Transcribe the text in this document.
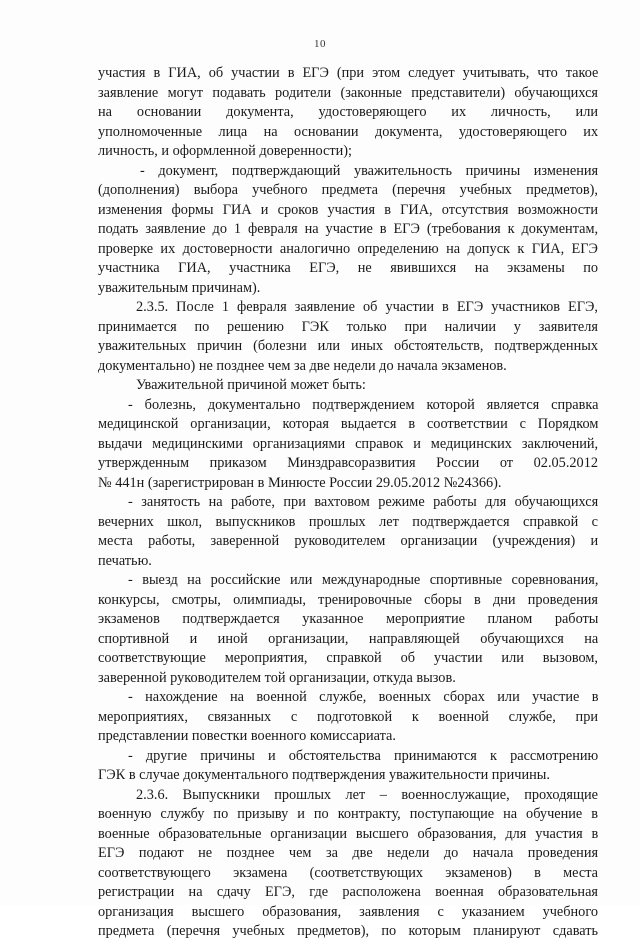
10
участия в ГИА, об участии в ЕГЭ (при этом следует учитывать, что такое
заявление могут подавать родители (законные представители) обучающихся
на основании документа, удостоверяющего их личность, или
уполномоченные лица на основании документа, удостоверяющего их
личность, и оформленной доверенности);
- документ, подтверждающий уважительность причины изменения
(дополнения) выбора учебного предмета (перечня учебных предметов),
изменения формы ГИА и сроков участия в ГИА, отсутствия возможности
подать заявление до 1 февраля на участие в ЕГЭ (требования к документам,
проверке их достоверности аналогично определению на допуск к ГИА, ЕГЭ
участника ГИА, участника ЕГЭ, не явившихся на экзамены по
уважительным причинам).
2.3.5. После 1 февраля заявление об участии в ЕГЭ участников ЕГЭ,
принимается по решению ГЭК только при наличии у заявителя
уважительных причин (болезни или иных обстоятельств, подтвержденных
документально) не позднее чем за две недели до начала экзаменов.
Уважительной причиной может быть:
- болезнь, документально подтверждением которой является справка
медицинской организации, которая выдается в соответствии с Порядком
выдачи медицинскими организациями справок и медицинских заключений,
утвержденным приказом Минздравсоразвития России от 02.05.2012
№ 441н (зарегистрирован в Минюсте России 29.05.2012 №24366).
- занятость на работе, при вахтовом режиме работы для обучающихся
вечерних школ, выпускников прошлых лет подтверждается справкой с
места работы, заверенной руководителем организации (учреждения) и
печатью.
- выезд на российские или международные спортивные соревнования,
конкурсы, смотры, олимпиады, тренировочные сборы в дни проведения
экзаменов подтверждается указанное мероприятие планом работы
спортивной и иной организации, направляющей обучающихся на
соответствующие мероприятия, справкой об участии или вызовом,
заверенной руководителем той организации, откуда вызов.
- нахождение на военной службе, военных сборах или участие в
мероприятиях, связанных с подготовкой к военной службе, при
представлении повестки военного комиссариата.
- другие причины и обстоятельства принимаются к рассмотрению
ГЭК в случае документального подтверждения уважительности причины.
2.3.6. Выпускники прошлых лет – военнослужащие, проходящие
военную службу по призыву и по контракту, поступающие на обучение в
военные образовательные организации высшего образования, для участия в
ЕГЭ подают не позднее чем за две недели до начала проведения
соответствующего экзамена (соответствующих экзаменов) в места
регистрации на сдачу ЕГЭ, где расположена военная образовательная
организация высшего образования, заявления с указанием учебного
предмета (перечня учебных предметов), по которым планируют сдавать
